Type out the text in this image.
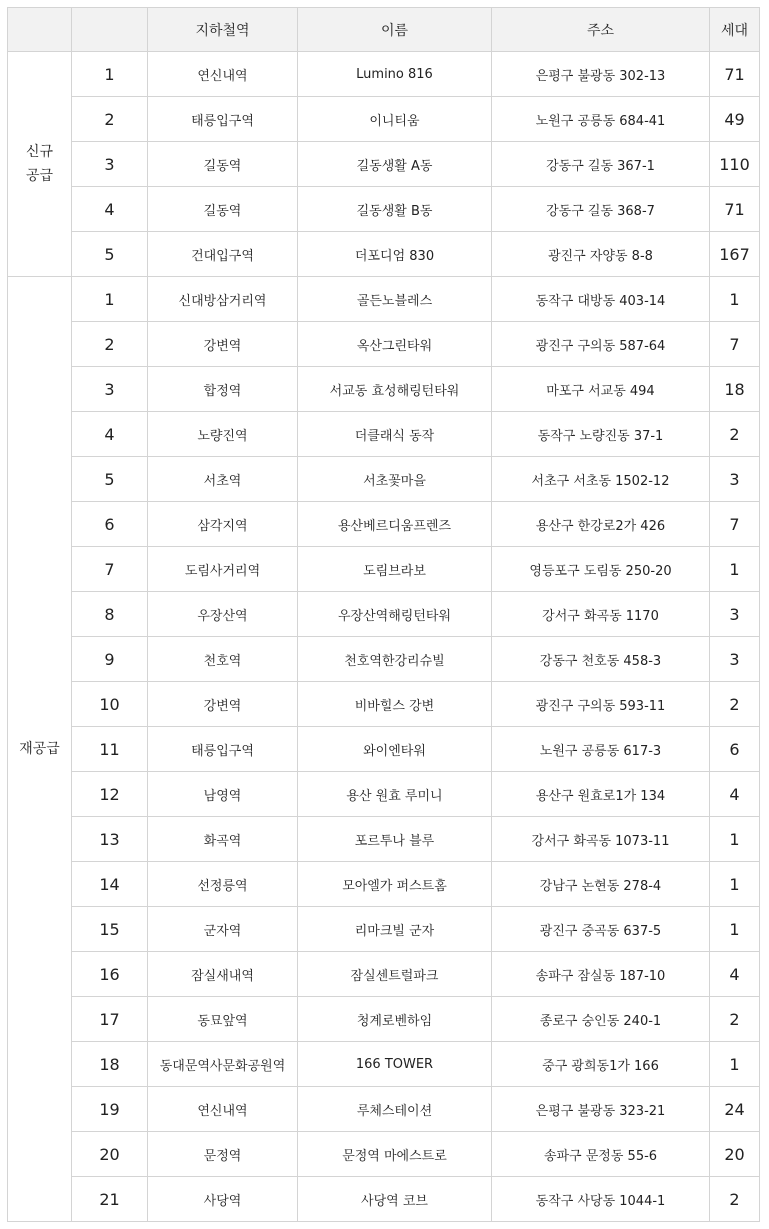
		지하철역	이름	주소	세대
신규
공급	1	연신내역	Lumino 816	은평구 불광동 302-13	71
	2	태릉입구역	이니티움	노원구 공릉동 684-41	49
	3	길동역	길동생활 A동	강동구 길동 367-1	110
	4	길동역	길동생활 B동	강동구 길동 368-7	71
	5	건대입구역	더포디엄 830	광진구 자양동 8-8	167
재공급	1	신대방삼거리역	골든노블레스	동작구 대방동 403-14	1
	2	강변역	옥산그린타워	광진구 구의동 587-64	7
	3	합정역	서교동 효성해링턴타워	마포구 서교동 494	18
	4	노량진역	더클래식 동작	동작구 노량진동 37-1	2
	5	서초역	서초꽃마을	서초구 서초동 1502-12	3
	6	삼각지역	용산베르디움프렌즈	용산구 한강로2가 426	7
	7	도림사거리역	도림브라보	영등포구 도림동 250-20	1
	8	우장산역	우장산역해링턴타워	강서구 화곡동 1170	3
	9	천호역	천호역한강리슈빌	강동구 천호동 458-3	3
	10	강변역	비바힐스 강변	광진구 구의동 593-11	2
	11	태릉입구역	와이엔타워	노원구 공릉동 617-3	6
	12	남영역	용산 원효 루미니	용산구 원효로1가 134	4
	13	화곡역	포르투나 블루	강서구 화곡동 1073-11	1
	14	선정릉역	모아엘가 퍼스트홈	강남구 논현동 278-4	1
	15	군자역	리마크빌 군자	광진구 중곡동 637-5	1
	16	잠실새내역	잠실센트럴파크	송파구 잠실동 187-10	4
	17	동묘앞역	청계로벤하임	종로구 숭인동 240-1	2
	18	동대문역사문화공원역	166 TOWER	중구 광희동1가 166	1
	19	연신내역	루체스테이션	은평구 불광동 323-21	24
	20	문정역	문정역 마에스트로	송파구 문정동 55-6	20
	21	사당역	사당역 코브	동작구 사당동 1044-1	2
